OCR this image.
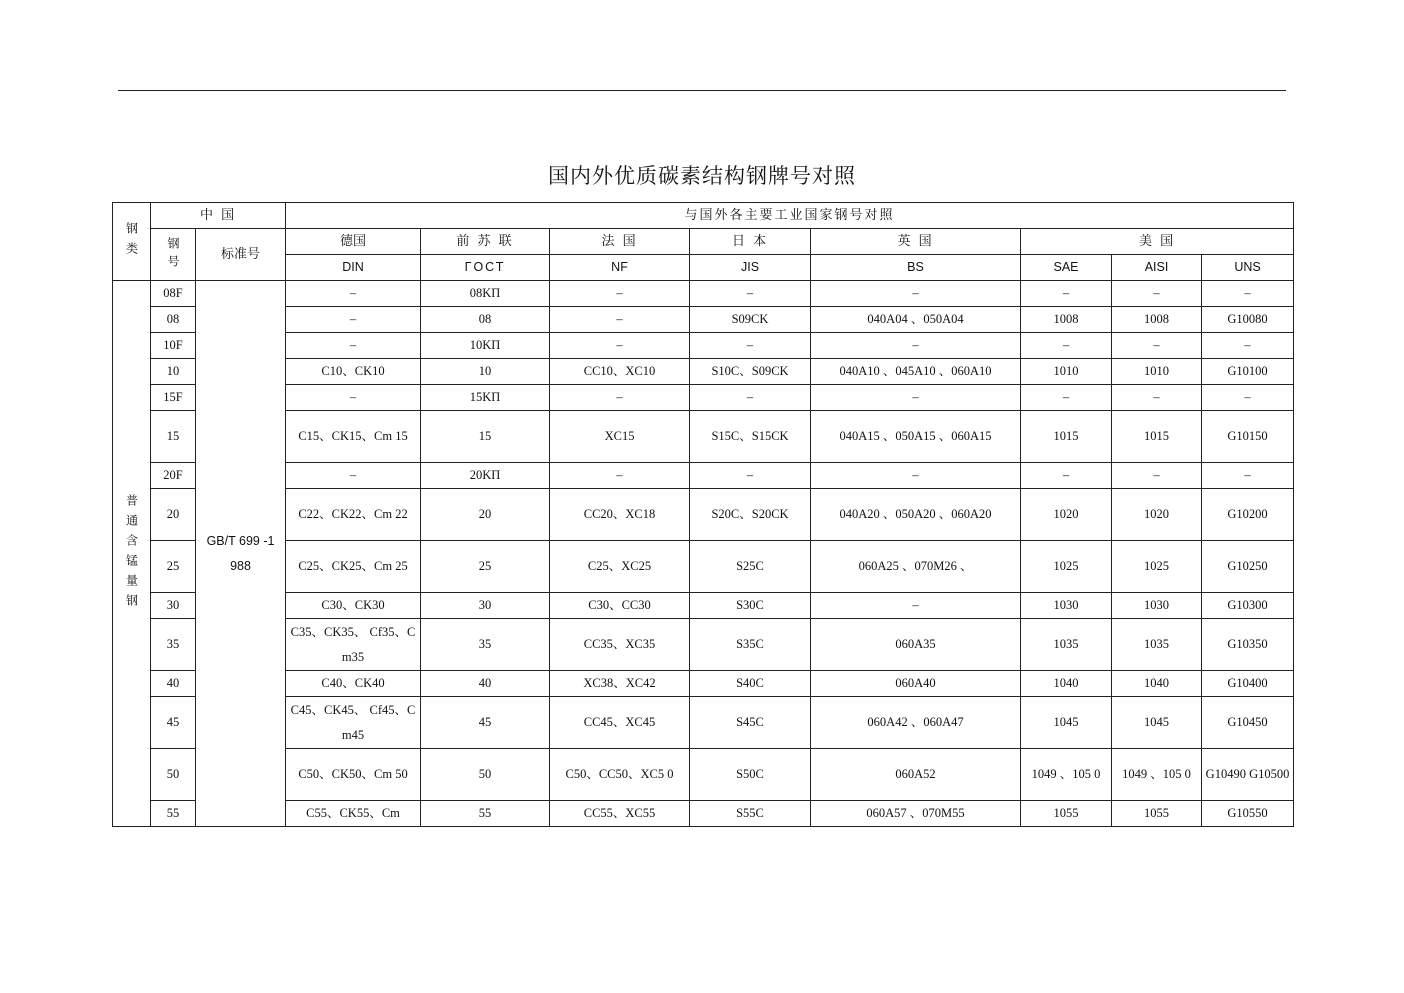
国内外优质碳素结构钢牌号对照
钢类	中 国		与国外各主要工业国家钢号对照							
	钢号	标准号	德国	前 苏 联	法 国	日 本	英 国	美 国		
			DIN	ΓОСТ	NF	JIS	BS	SAE	AISI	UNS
普通含锰量钢	08F	GB/T 699 -1988	–	08KП	–	–	–	–	–	–
	08		–	08	–	S09CK	040A04 、050A04	1008	1008	G10080
	10F		–	10KП	–	–	–	–	–	–
	10		C10、CK10	10	CC10、XC10	S10C、S09CK	040A10 、045A10 、060A10	1010	1010	G10100
	15F		–	15KП	–	–	–	–	–	–
	15		C15、CK15、Cm 15	15	XC15	S15C、S15CK	040A15 、050A15 、060A15	1015	1015	G10150
	20F		–	20KП	–	–	–	–	–	–
	20		C22、CK22、Cm 22	20	CC20、XC18	S20C、S20CK	040A20 、050A20 、060A20	1020	1020	G10200
	25		C25、CK25、Cm 25	25	C25、XC25	S25C	060A25 、070M26 、	1025	1025	G10250
	30		C30、CK30	30	C30、CC30	S30C	–	1030	1030	G10300
	35		C35、CK35、 Cf35、Cm35	35	CC35、XC35	S35C	060A35	1035	1035	G10350
	40		C40、CK40	40	XC38、XC42	S40C	060A40	1040	1040	G10400
	45		C45、CK45、 Cf45、Cm45	45	CC45、XC45	S45C	060A42 、060A47	1045	1045	G10450
	50		C50、CK50、Cm 50	50	C50、CC50、XC5 0	S50C	060A52	1049 、105 0	1049 、105 0	G10490 G10500
	55		C55、CK55、Cm	55	CC55、XC55	S55C	060A57 、070M55	1055	1055	G10550
